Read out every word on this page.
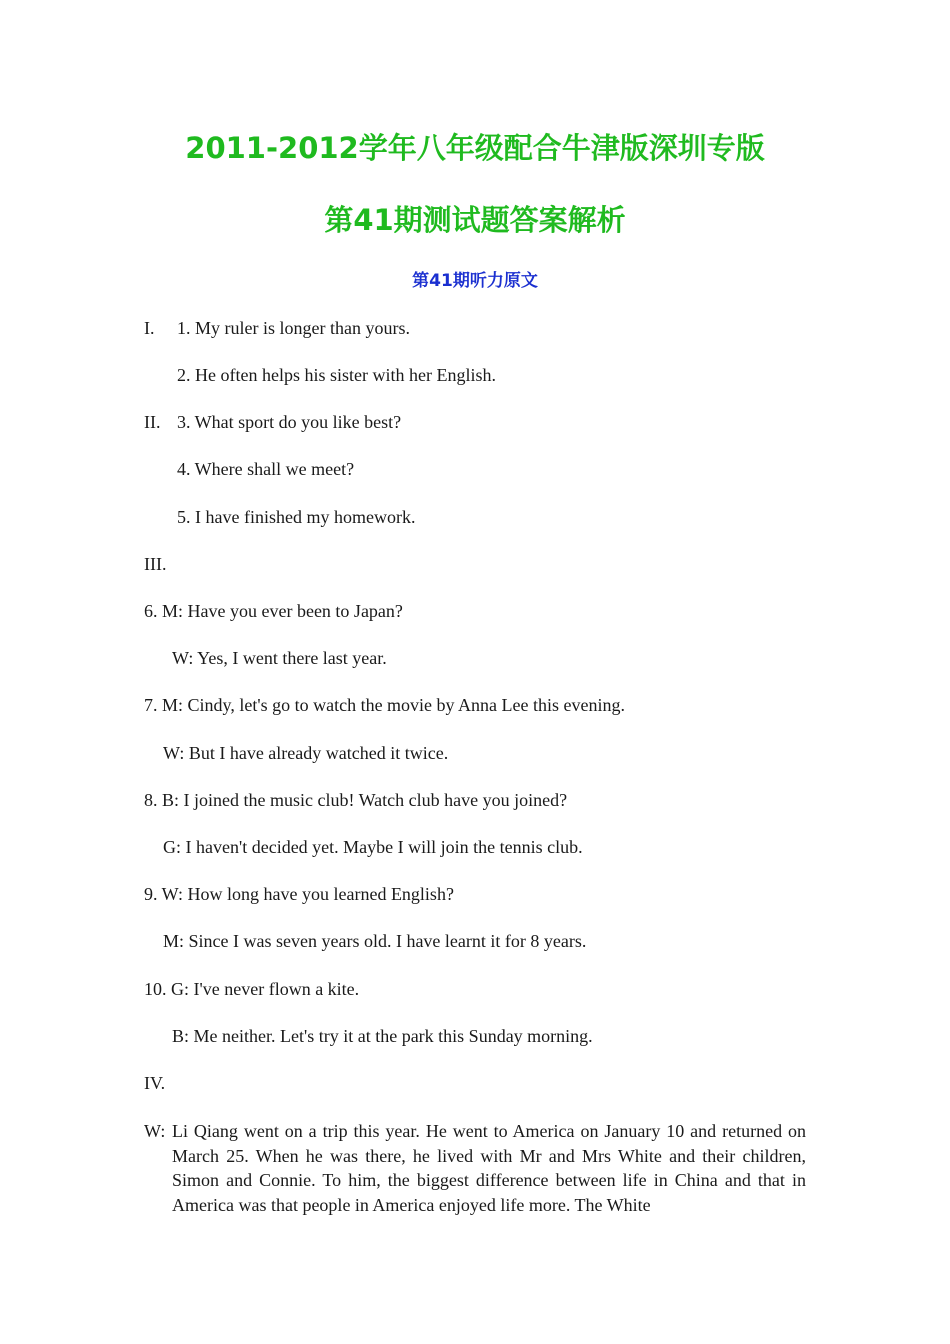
2011-2012学年八年级配合牛津版深圳专版
第41期测试题答案解析
第41期听力原文

I. 1. My ruler is longer than yours.

2. He often helps his sister with her English.

II. 3. What sport do you like best?

4. Where shall we meet?

5. I have finished my homework.

III.

6. M: Have you ever been to Japan?

W: Yes, I went there last year.

7. M: Cindy, let's go to watch the movie by Anna Lee this evening.

W: But I have already watched it twice.

8. B: I joined the music club! Watch club have you joined?

G: I haven't decided yet. Maybe I will join the tennis club.

9. W: How long have you learned English?

M: Since I was seven years old. I have learnt it for 8 years.

10. G: I've never flown a kite.

B: Me neither. Let's try it at the park this Sunday morning.

IV.

W: Li Qiang went on a trip this year. He went to America on January 10 and returned on March 25. When he was there, he lived with Mr and Mrs White and their children, Simon and Connie. To him, the biggest difference between life in China and that in America was that people in America enjoyed life more. The White
